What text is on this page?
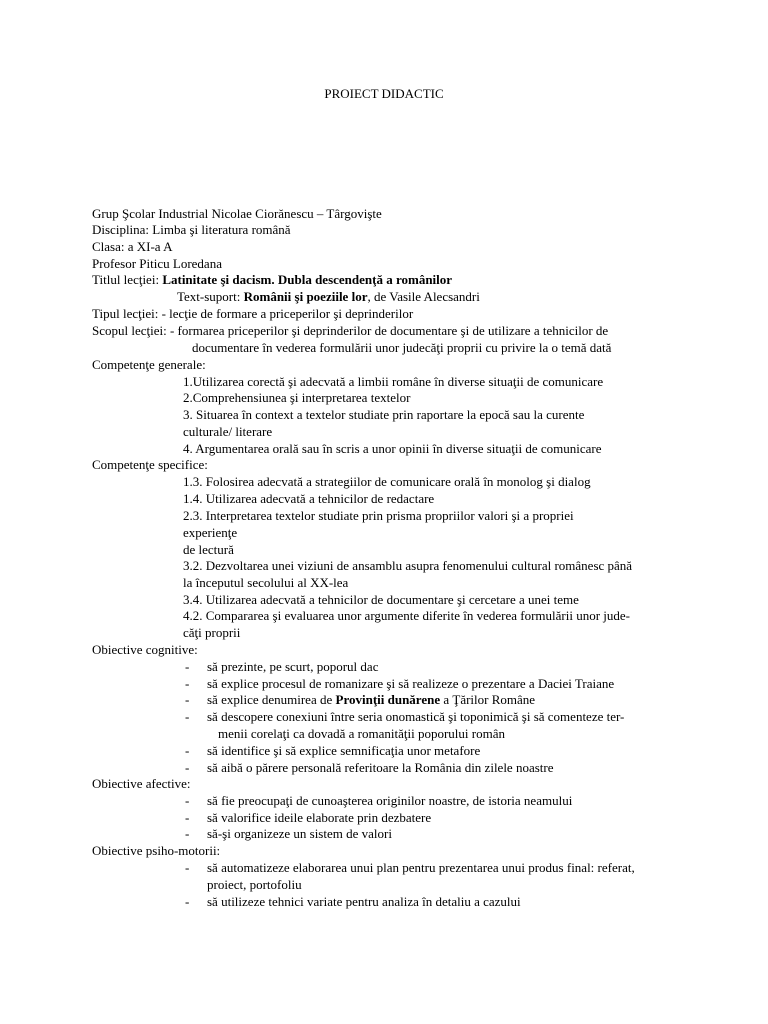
PROIECT DIDACTIC
Grup Şcolar Industrial Nicolae Ciorănescu – Târgovişte
Disciplina: Limba şi literatura română
Clasa: a XI-a A
Profesor Piticu Loredana
Titlul lecţiei: Latinitate şi dacism. Dubla descendenţă a românilor
Text-suport: Românii şi poeziile lor, de Vasile Alecsandri
Tipul lecţiei: - lecţie de formare a priceperilor şi deprinderilor
Scopul lecţiei: - formarea priceperilor şi deprinderilor de documentare şi de utilizare a tehnicilor de
documentare în vederea formulării unor judecăţi proprii cu privire la o temă dată
Competenţe generale:
1.Utilizarea corectă şi adecvată a limbii române în diverse situaţii de comunicare
2.Comprehensiunea şi interpretarea textelor
3. Situarea în context a textelor studiate prin raportare la epocă sau la curente
culturale/ literare
4. Argumentarea orală sau în scris a unor opinii în diverse situaţii de comunicare
Competenţe specifice:
1.3. Folosirea adecvată a strategiilor de comunicare orală în monolog şi dialog
1.4. Utilizarea adecvată a tehnicilor de redactare
2.3. Interpretarea textelor studiate prin prisma propriilor valori şi a propriei
experienţe
de lectură
3.2. Dezvoltarea unei viziuni de ansamblu asupra fenomenului cultural românesc până
la începutul secolului al XX-lea
3.4. Utilizarea adecvată a tehnicilor de documentare şi cercetare a unei teme
4.2. Compararea şi evaluarea unor argumente diferite în vederea formulării unor jude-
căţi proprii
Obiective cognitive:
- să prezinte, pe scurt, poporul dac
- să explice procesul de romanizare şi să realizeze o prezentare a Daciei Traiane
- să explice denumirea de Provinţii dunărene a Ţărilor Române
- să descopere conexiuni între seria onomastică şi toponimică şi să comenteze ter-
menii corelaţi ca dovadă a romanităţii poporului român
- să identifice şi să explice semnificaţia unor metafore
- să aibă o părere personală referitoare la România din zilele noastre
Obiective afective:
- să fie preocupaţi de cunoaşterea originilor noastre, de istoria neamului
- să valorifice ideile elaborate prin dezbatere
- să-şi organizeze un sistem de valori
Obiective psiho-motorii:
- să automatizeze elaborarea unui plan pentru prezentarea unui produs final: referat,
proiect, portofoliu
- să utilizeze tehnici variate pentru analiza în detaliu a cazului
